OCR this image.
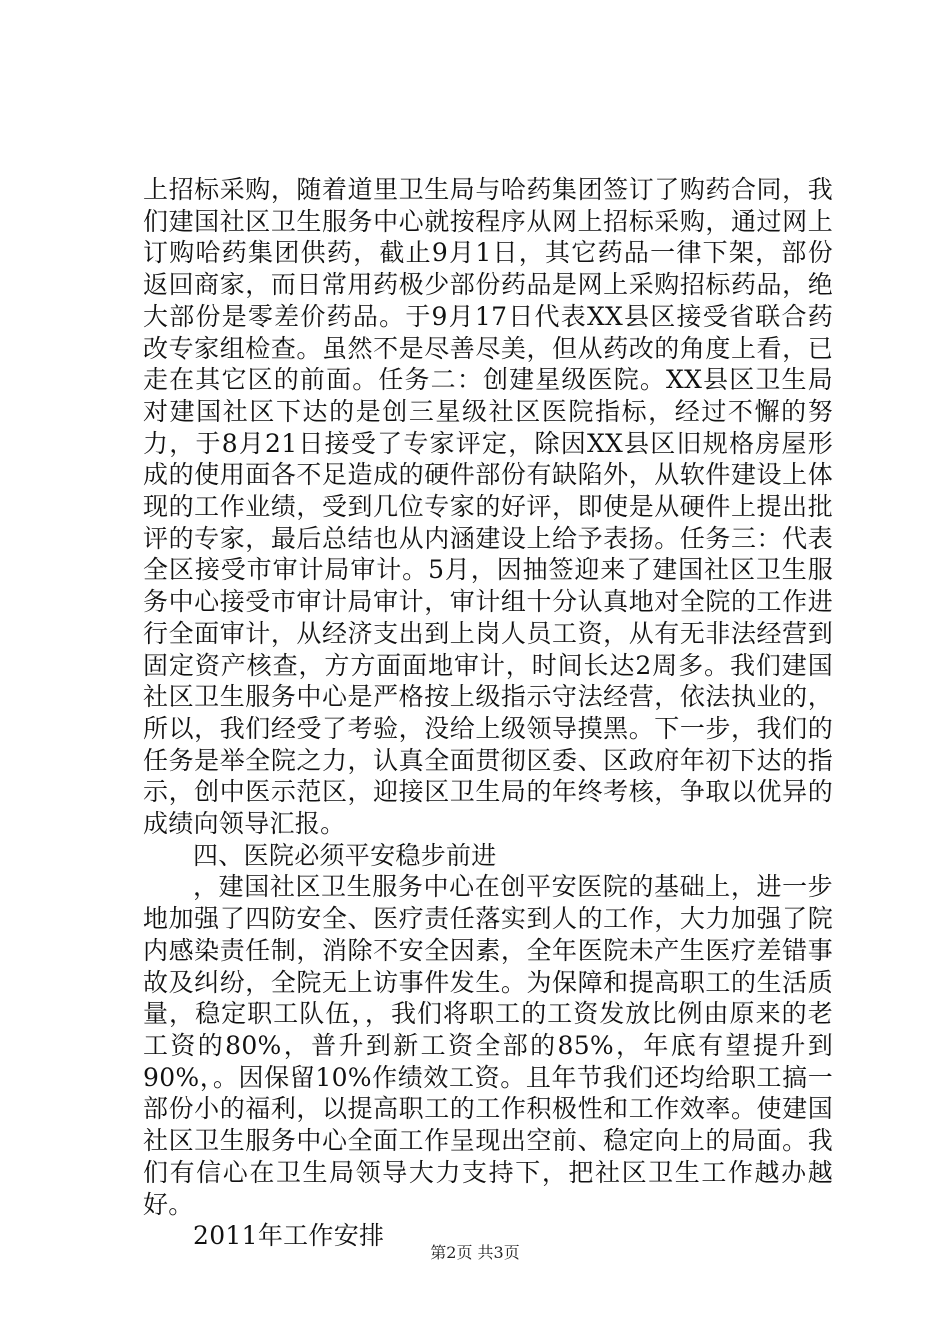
上招标采购，随着道里卫生局与哈药集团签订了购药合同，我们建国社区卫生服务中心就按程序从网上招标采购，通过网上订购哈药集团供药，截止9月1日，其它药品一律下架，部份返回商家，而日常用药极少部份药品是网上采购招标药品，绝大部份是零差价药品。于9月17日代表XX县区接受省联合药改专家组检查。虽然不是尽善尽美，但从药改的角度上看，已走在其它区的前面。任务二：创建星级医院。XX县区卫生局对建国社区下达的是创三星级社区医院指标，经过不懈的努力，于8月21日接受了专家评定，除因XX县区旧规格房屋形成的使用面各不足造成的硬件部份有缺陷外，从软件建设上体现的工作业绩，受到几位专家的好评，即使是从硬件上提出批评的专家，最后总结也从内涵建设上给予表扬。任务三：代表全区接受市审计局审计。5月，因抽签迎来了建国社区卫生服务中心接受市审计局审计，审计组十分认真地对全院的工作进行全面审计，从经济支出到上岗人员工资，从有无非法经营到固定资产核查，方方面面地审计，时间长达2周多。我们建国社区卫生服务中心是严格按上级指示守法经营，依法执业的，所以，我们经受了考验，没给上级领导摸黑。下一步，我们的任务是举全院之力，认真全面贯彻区委、区政府年初下达的指示，创中医示范区，迎接区卫生局的年终考核，争取以优异的成绩向领导汇报。

四、医院必须平安稳步前进

，建国社区卫生服务中心在创平安医院的基础上，进一步地加强了四防安全、医疗责任落实到人的工作，大力加强了院内感染责任制，消除不安全因素，全年医院未产生医疗差错事故及纠纷，全院无上访事件发生。为保障和提高职工的生活质量，稳定职工队伍，，我们将职工的工资发放比例由原来的老工资的80%，普升到新工资全部的85%，年底有望提升到90%，。因保留10%作绩效工资。且年节我们还均给职工搞一部份小的福利，以提高职工的工作积极性和工作效率。使建国社区卫生服务中心全面工作呈现出空前、稳定向上的局面。我们有信心在卫生局领导大力支持下，把社区卫生工作越办越好。

2011年工作安排

第2页 共3页
